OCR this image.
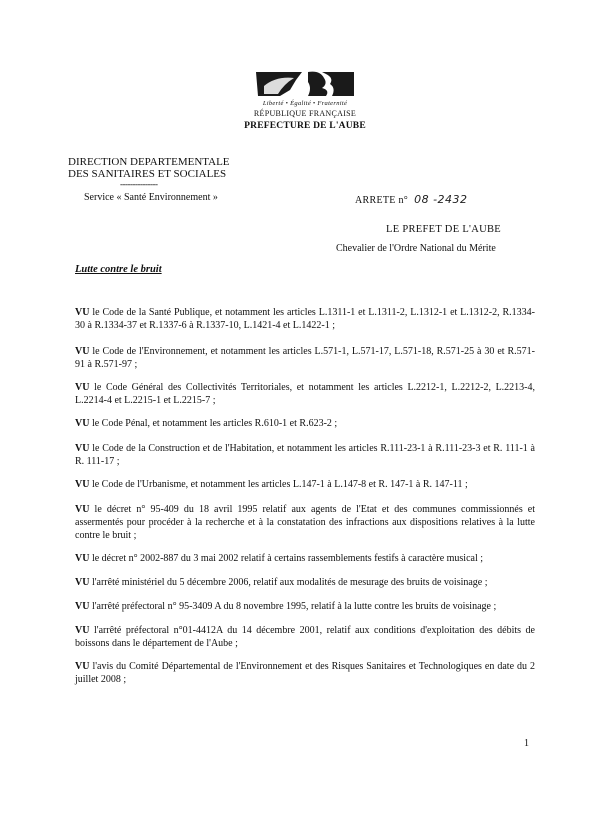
Liberté • Égalité • Fraternité
RÉPUBLIQUE FRANÇAISE
PREFECTURE DE L'AUBE
DIRECTION DEPARTEMENTALE
DES SANITAIRES ET SOCIALES
---------------
Service « Santé Environnement »	ARRETE n° 08 -2432
LE PREFET DE L'AUBE
Chevalier de l'Ordre National du Mérite
Lutte contre le bruit
VU le Code de la Santé Publique, et notamment les articles L.1311-1 et L.1311-2, L.1312-1 et L.1312-2, R.1334-30 à R.1334-37 et R.1337-6 à R.1337-10, L.1421-4 et L.1422-1 ;
VU le Code de l'Environnement, et notamment les articles L.571-1, L.571-17, L.571-18, R.571-25 à 30 et R.571-91 à R.571-97 ;
VU le Code Général des Collectivités Territoriales, et notamment les articles L.2212-1, L.2212-2, L.2213-4, L.2214-4 et L.2215-1 et L.2215-7 ;
VU le Code Pénal, et notamment les articles R.610-1 et R.623-2 ;
VU le Code de la Construction et de l'Habitation, et notamment les articles R.111-23-1 à R.111-23-3 et R. 111-1 à R. 111-17 ;
VU le Code de l'Urbanisme, et notamment les articles L.147-1 à L.147-8 et R. 147-1 à R. 147-11 ;
VU le décret n° 95-409 du 18 avril 1995 relatif aux agents de l'Etat et des communes commissionnés et assermentés pour procéder à la recherche et à la constatation des infractions aux dispositions relatives à la lutte contre le bruit ;
VU le décret n° 2002-887 du 3 mai 2002 relatif à certains rassemblements festifs à caractère musical ;
VU l'arrêté ministériel du 5 décembre 2006, relatif aux modalités de mesurage des bruits de voisinage ;
VU l'arrêté préfectoral n° 95-3409 A du 8 novembre 1995, relatif à la lutte contre les bruits de voisinage ;
VU l'arrêté préfectoral n°01-4412A du 14 décembre 2001, relatif aux conditions d'exploitation des débits de boissons dans le département de l'Aube ;
VU l'avis du Comité Départemental de l'Environnement et des Risques Sanitaires et Technologiques en date du 2 juillet 2008 ;
1
